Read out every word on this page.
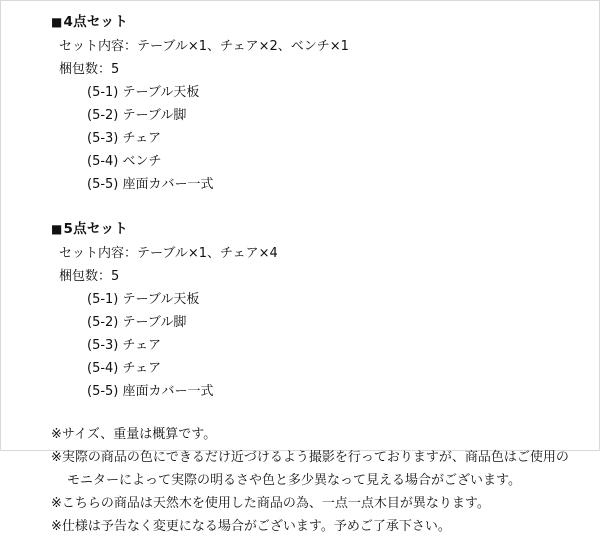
■4点セット
セット内容：テーブル×1、チェア×2、ベンチ×1
梱包数：5
(5-1) テーブル天板
(5-2) テーブル脚
(5-3) チェア
(5-4) ベンチ
(5-5) 座面カバー一式
■5点セット
セット内容：テーブル×1、チェア×4
梱包数：5
(5-1) テーブル天板
(5-2) テーブル脚
(5-3) チェア
(5-4) チェア
(5-5) 座面カバー一式
※サイズ、重量は概算です。
※実際の商品の色にできるだけ近づけるよう撮影を行っておりますが、商品色はご使用の
モニターによって実際の明るさや色と多少異なって見える場合がございます。
※こちらの商品は天然木を使用した商品の為、一点一点木目が異なります。
※仕様は予告なく変更になる場合がございます。予めご了承下さい。
